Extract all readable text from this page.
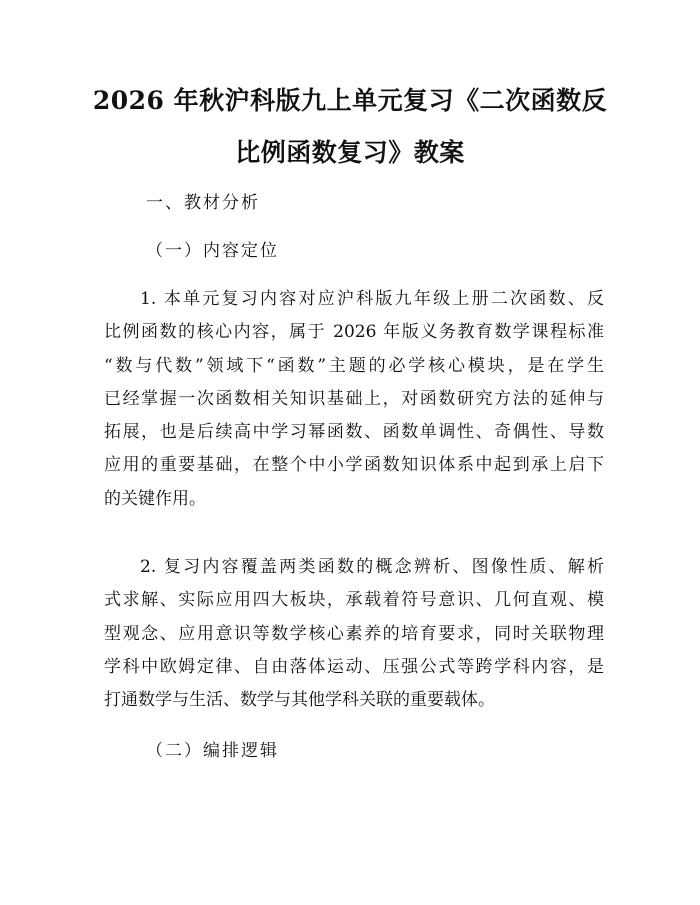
2026 年秋沪科版九上单元复习《二次函数反
比例函数复习》教案
一、教材分析
（一）内容定位
1. 本单元复习内容对应沪科版九年级上册二次函数、反
比例函数的核心内容，属于 2026 年版义务教育数学课程标准
“数与代数”领域下“函数”主题的必学核心模块，是在学生
已经掌握一次函数相关知识基础上，对函数研究方法的延伸与
拓展，也是后续高中学习幂函数、函数单调性、奇偶性、导数
应用的重要基础，在整个中小学函数知识体系中起到承上启下
的关键作用。
2. 复习内容覆盖两类函数的概念辨析、图像性质、解析
式求解、实际应用四大板块，承载着符号意识、几何直观、模
型观念、应用意识等数学核心素养的培育要求，同时关联物理
学科中欧姆定律、自由落体运动、压强公式等跨学科内容，是
打通数学与生活、数学与其他学科关联的重要载体。
（二）编排逻辑
